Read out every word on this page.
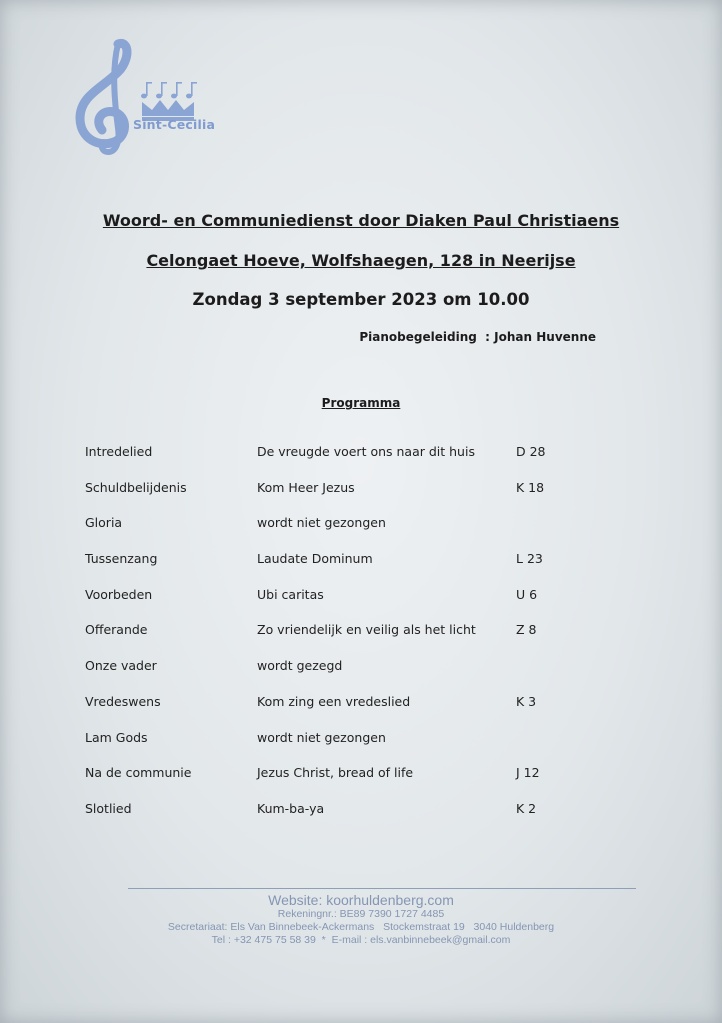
Sint-Cecilia
Woord- en Communiedienst door Diaken Paul Christiaens
Celongaet Hoeve, Wolfshaegen, 128 in Neerijse
Zondag 3 september 2023 om 10.00
Pianobegeleiding  : Johan Huvenne
Programma
Intredelied	De vreugde voert ons naar dit huis	D 28
Schuldbelijdenis	Kom Heer Jezus	K 18
Gloria	wordt niet gezongen
Tussenzang	Laudate Dominum	L 23
Voorbeden	Ubi caritas	U 6
Offerande	Zo vriendelijk en veilig als het licht	Z 8
Onze vader	wordt gezegd
Vredeswens	Kom zing een vredeslied	K 3
Lam Gods	wordt niet gezongen
Na de communie	Jezus Christ, bread of life	J 12
Slotlied	Kum-ba-ya	K 2
Website: koorhuldenberg.com
Rekeningnr.: BE89 7390 1727 4485
Secretariaat: Els Van Binnebeek-Ackermans   Stockemstraat 19   3040 Huldenberg
Tel : +32 475 75 58 39  *  E-mail : els.vanbinnebeek@gmail.com
